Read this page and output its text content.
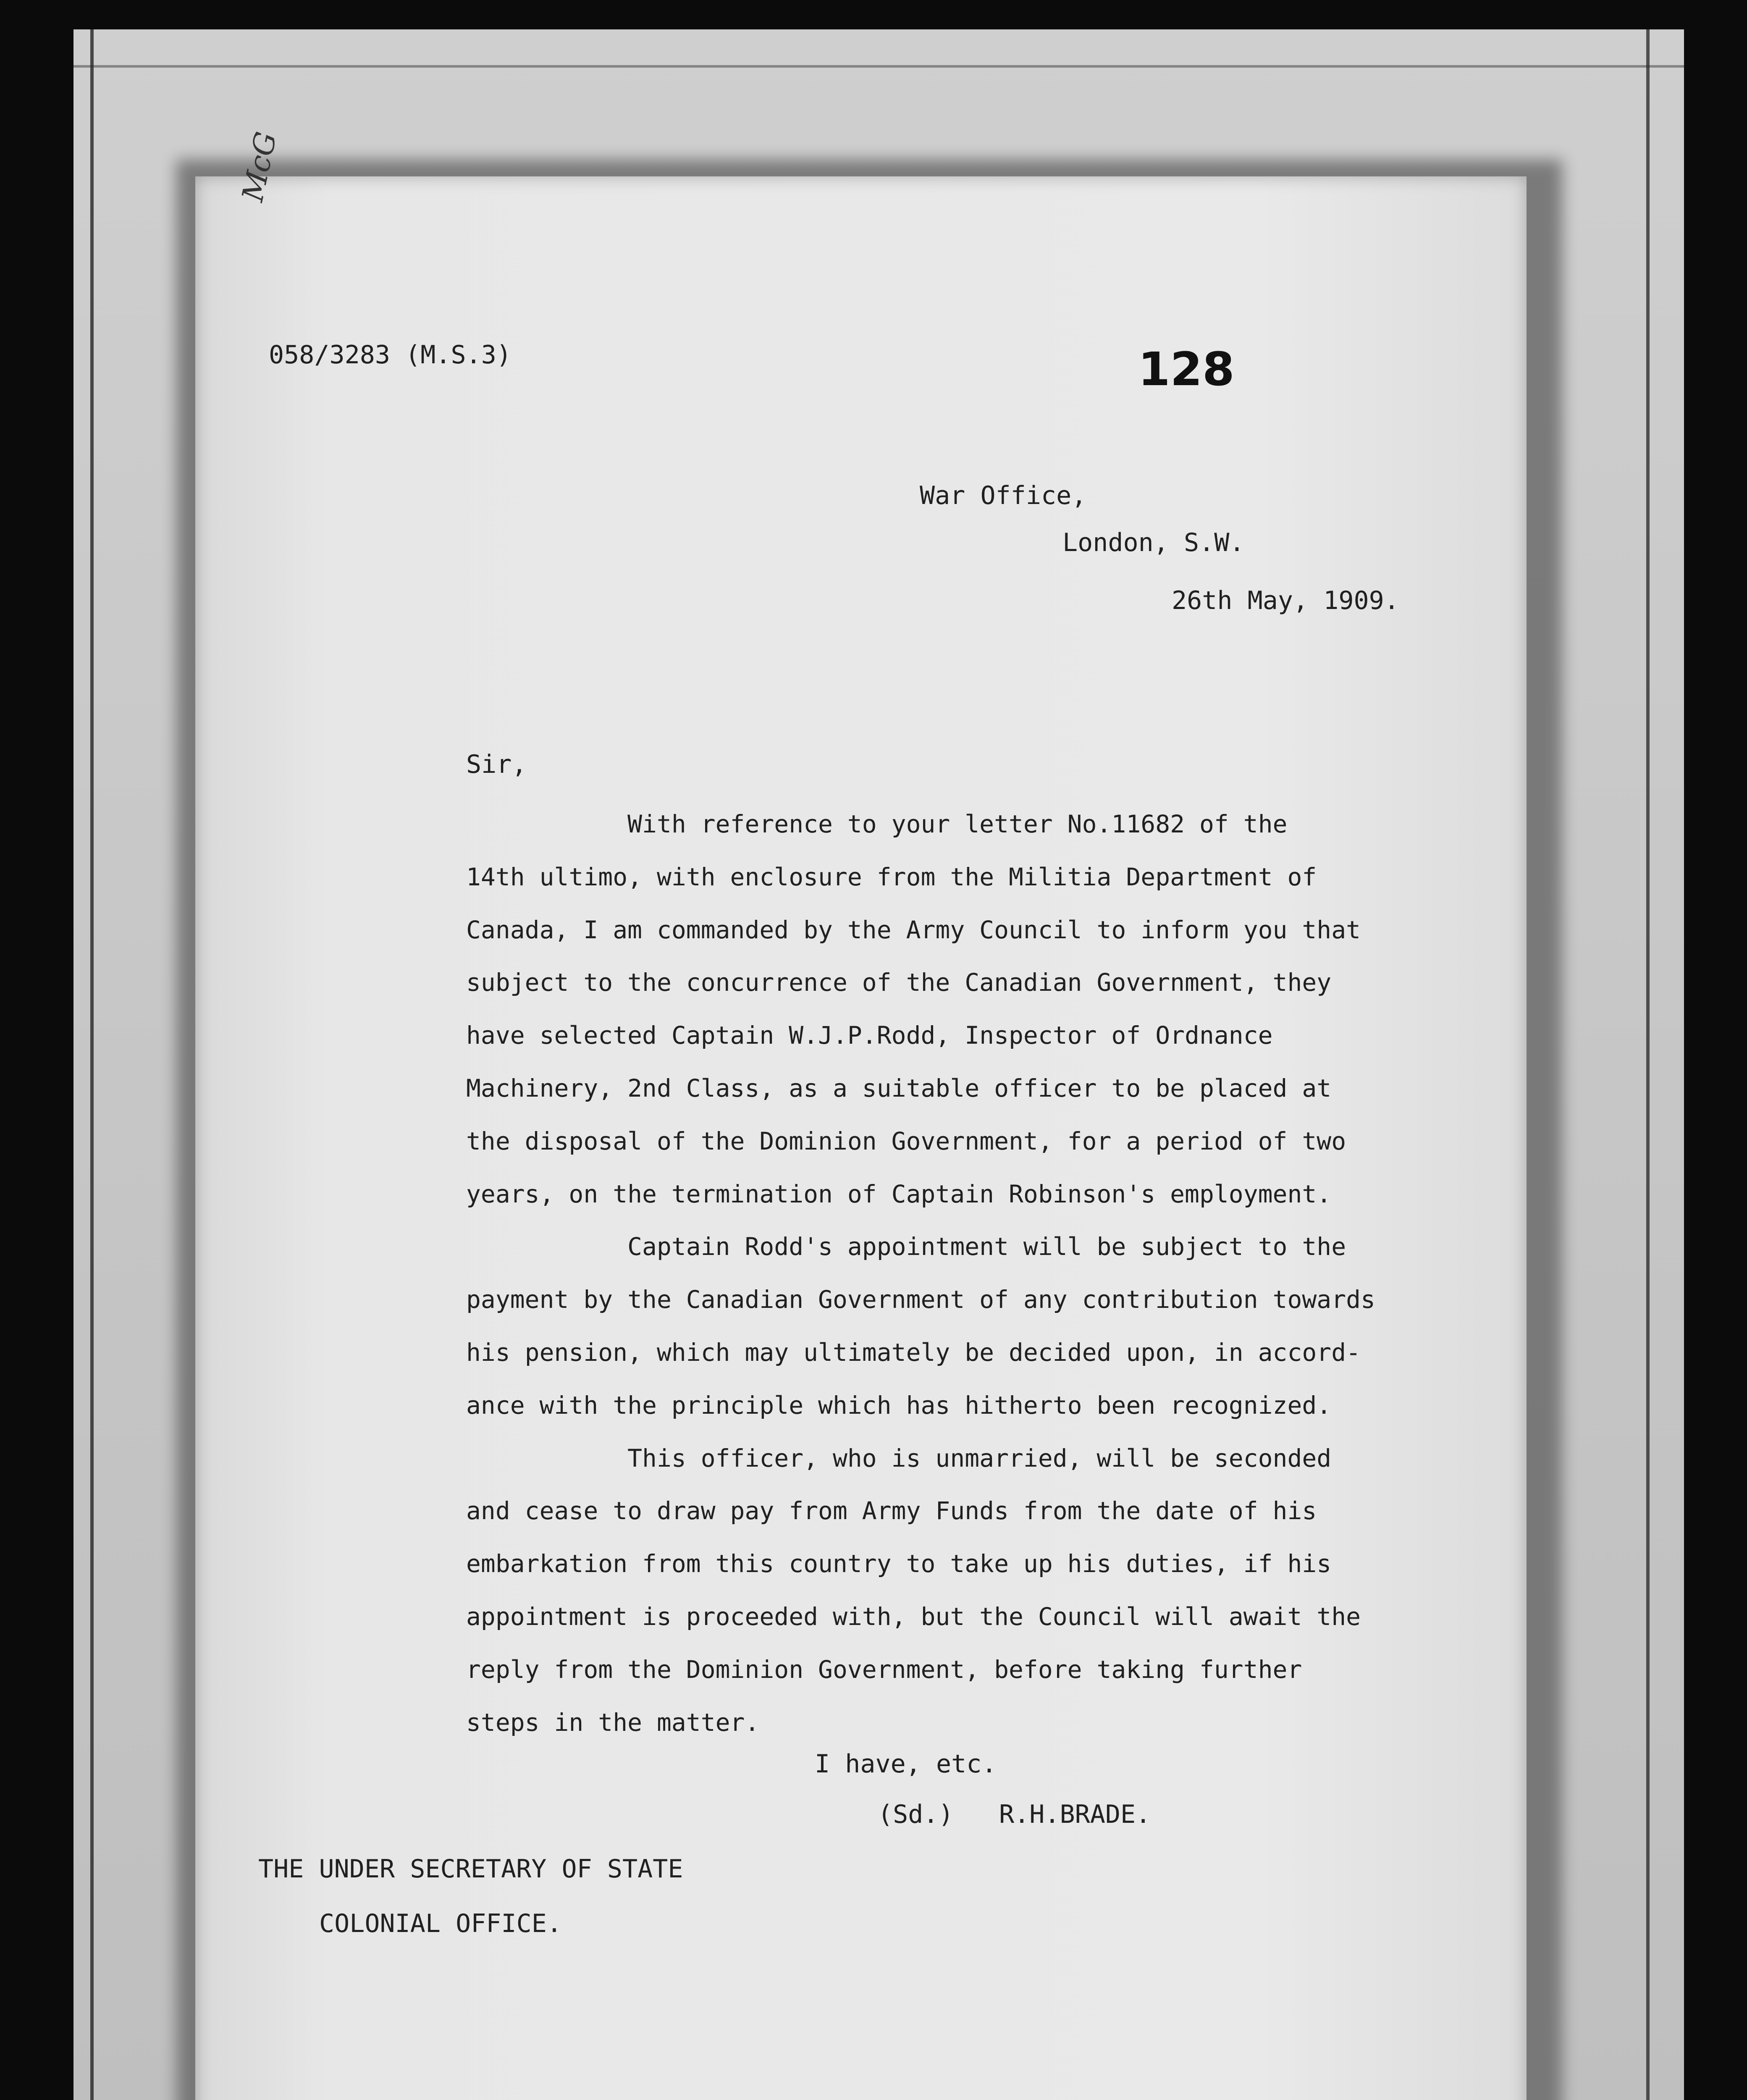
McG
058/3283 (M.S.3)	128
War Office,
London, S.W.
26th May, 1909.
Sir,
With reference to your letter No.11682 of the
14th ultimo, with enclosure from the Militia Department of
Canada, I am commanded by the Army Council to inform you that
subject to the concurrence of the Canadian Government, they
have selected Captain W.J.P.Rodd, Inspector of Ordnance
Machinery, 2nd Class, as a suitable officer to be placed at
the disposal of the Dominion Government, for a period of two
years, on the termination of Captain Robinson's employment.
Captain Rodd's appointment will be subject to the
payment by the Canadian Government of any contribution towards
his pension, which may ultimately be decided upon, in accord-
ance with the principle which has hitherto been recognized.
This officer, who is unmarried, will be seconded
and cease to draw pay from Army Funds from the date of his
embarkation from this country to take up his duties, if his
appointment is proceeded with, but the Council will await the
reply from the Dominion Government, before taking further
steps in the matter.
I have, etc.
(Sd.)   R.H.BRADE.
THE UNDER SECRETARY OF STATE
COLONIAL OFFICE.
